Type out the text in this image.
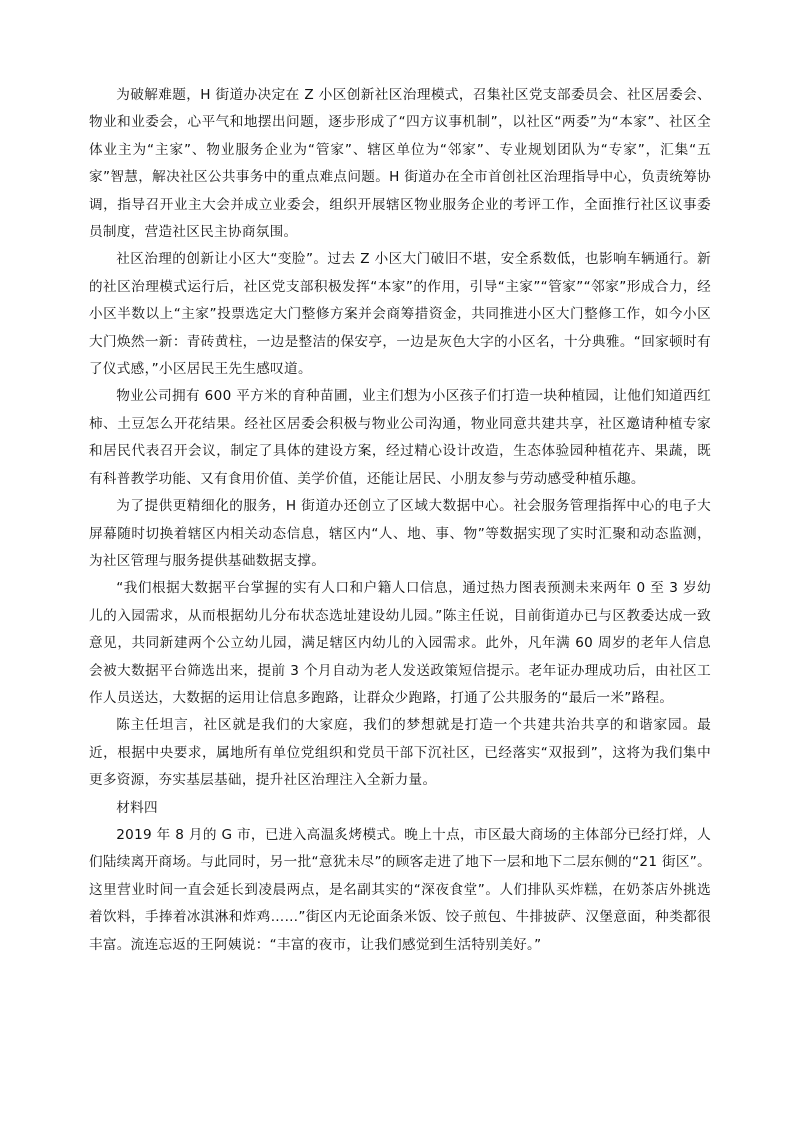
为破解难题，H 街道办决定在 Z 小区创新社区治理模式，召集社区党支部委员会、社区居委会、物业和业委会，心平气和地摆出问题，逐步形成了“四方议事机制”，以社区“两委”为“本家”、社区全体业主为“主家”、物业服务企业为“管家”、辖区单位为“邻家”、专业规划团队为“专家”，汇集“五家”智慧，解决社区公共事务中的重点难点问题。H 街道办在全市首创社区治理指导中心，负责统筹协调，指导召开业主大会并成立业委会，组织开展辖区物业服务企业的考评工作，全面推行社区议事委员制度，营造社区民主协商氛围。

社区治理的创新让小区大“变脸”。过去 Z 小区大门破旧不堪，安全系数低，也影响车辆通行。新的社区治理模式运行后，社区党支部积极发挥“本家”的作用，引导“主家”“管家”“邻家”形成合力，经小区半数以上“主家”投票选定大门整修方案并会商筹措资金，共同推进小区大门整修工作，如今小区大门焕然一新：青砖黄柱，一边是整洁的保安亭，一边是灰色大字的小区名，十分典雅。“回家顿时有了仪式感，”小区居民王先生感叹道。

物业公司拥有 600 平方米的育种苗圃，业主们想为小区孩子们打造一块种植园，让他们知道西红柿、土豆怎么开花结果。经社区居委会积极与物业公司沟通，物业同意共建共享，社区邀请种植专家和居民代表召开会议，制定了具体的建设方案，经过精心设计改造，生态体验园种植花卉、果蔬，既有科普教学功能、又有食用价值、美学价值，还能让居民、小朋友参与劳动感受种植乐趣。

为了提供更精细化的服务，H 街道办还创立了区域大数据中心。社会服务管理指挥中心的电子大屏幕随时切换着辖区内相关动态信息，辖区内“人、地、事、物”等数据实现了实时汇聚和动态监测，为社区管理与服务提供基础数据支撑。

“我们根据大数据平台掌握的实有人口和户籍人口信息，通过热力图表预测未来两年 0 至 3 岁幼儿的入园需求，从而根据幼儿分布状态选址建设幼儿园。”陈主任说，目前街道办已与区教委达成一致意见，共同新建两个公立幼儿园，满足辖区内幼儿的入园需求。此外，凡年满 60 周岁的老年人信息会被大数据平台筛选出来，提前 3 个月自动为老人发送政策短信提示。老年证办理成功后，由社区工作人员送达，大数据的运用让信息多跑路，让群众少跑路，打通了公共服务的“最后一米”路程。

陈主任坦言，社区就是我们的大家庭，我们的梦想就是打造一个共建共治共享的和谐家园。最近，根据中央要求，属地所有单位党组织和党员干部下沉社区，已经落实“双报到”，这将为我们集中更多资源，夯实基层基础，提升社区治理注入全新力量。

材料四

2019 年 8 月的 G 市，已进入高温炙烤模式。晚上十点，市区最大商场的主体部分已经打烊，人们陆续离开商场。与此同时，另一批“意犹未尽”的顾客走进了地下一层和地下二层东侧的“21 街区”。这里营业时间一直会延长到凌晨两点，是名副其实的“深夜食堂”。人们排队买炸糕，在奶茶店外挑选着饮料，手捧着冰淇淋和炸鸡……”街区内无论面条米饭、饺子煎包、牛排披萨、汉堡意面，种类都很丰富。流连忘返的王阿姨说：“丰富的夜市，让我们感觉到生活特别美好。”
